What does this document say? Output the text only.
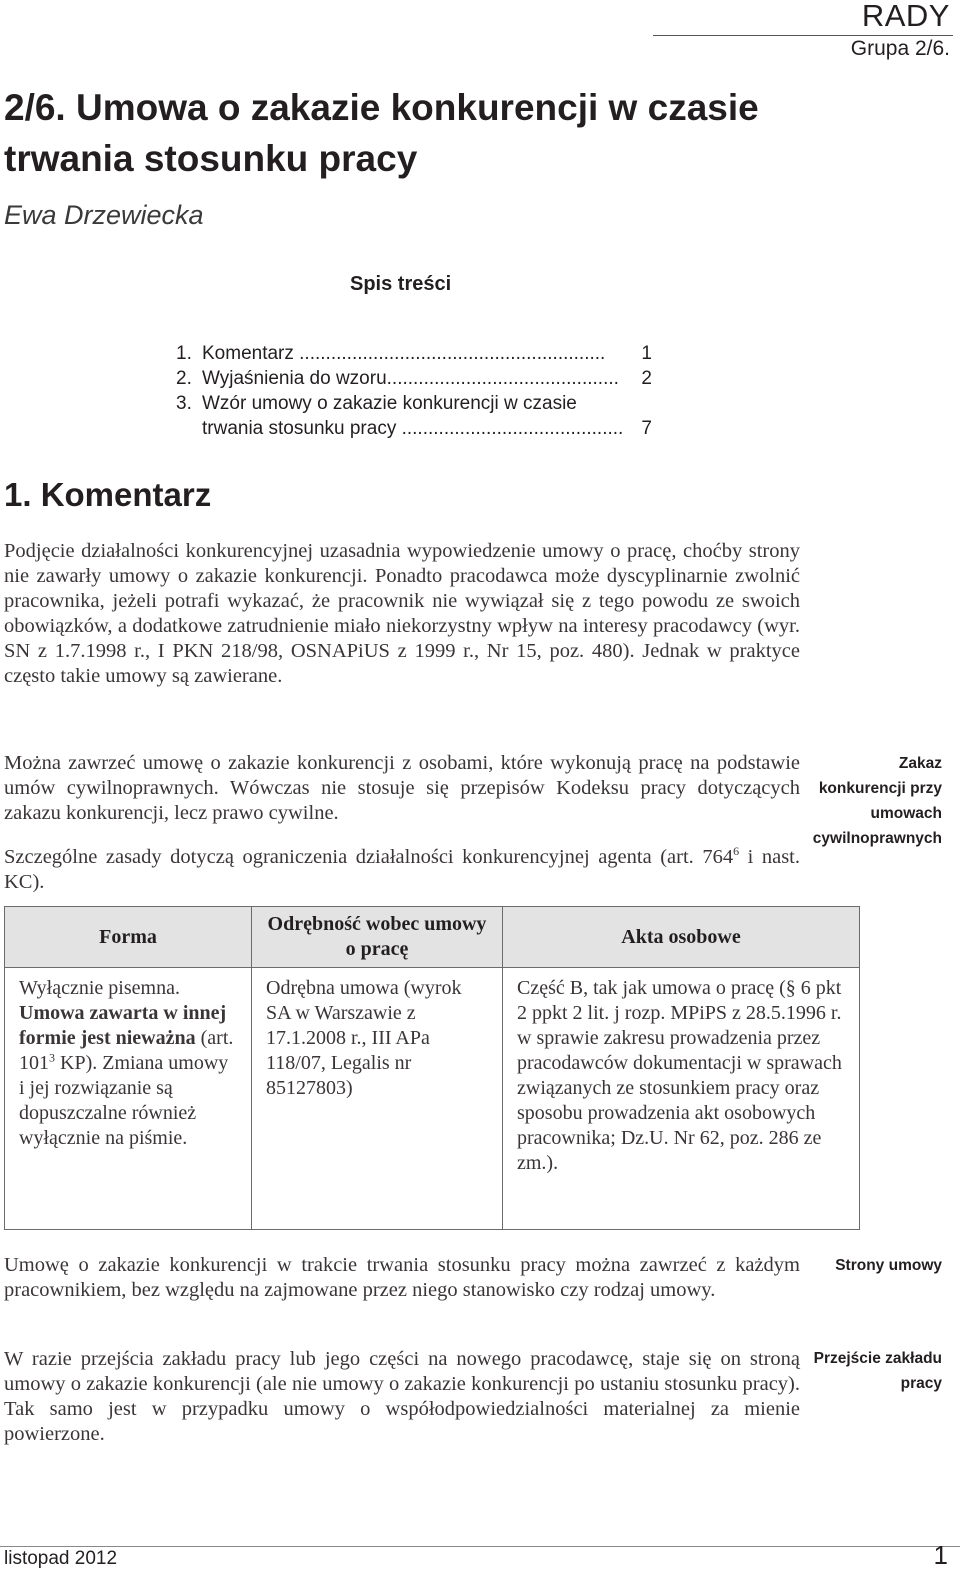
RADY
Grupa 2/6.
2/6. Umowa o zakazie konkurencji w czasie
trwania stosunku pracy
Ewa Drzewiecka
Spis treści
1. Komentarz ..........................................................	1
2. Wyjaśnienia do wzoru............................................	2
3. Wzór umowy o zakazie konkurencji w czasie
trwania stosunku pracy .......................................... 7
1. Komentarz

Podjęcie działalności konkurencyjnej uzasadnia wypowiedzenie umowy o pracę, choćby strony nie zawarły umowy o zakazie konkurencji. Ponadto pracodawca może dyscyplinarnie zwolnić pracownika, jeżeli potrafi wykazać, że pracownik nie wywiązał się z tego powodu ze swoich obowiązków, a dodatkowe zatrudnienie miało niekorzystny wpływ na interesy pracodawcy (wyr. SN z 1.7.1998 r., I PKN 218/98, OSNAPiUS z 1999 r., Nr 15, poz. 480). Jednak w praktyce często takie umowy są zawierane.

Można zawrzeć umowę o zakazie konkurencji z osobami, które wykonują pracę na podstawie umów cywilnoprawnych. Wówczas nie stosuje się przepisów Kodeksu pracy dotyczących zakazu konkurencji, lecz prawo cywilne.

Szczególne zasady dotyczą ograniczenia działalności konkurencyjnej agenta (art. $764^6$ i nast. KC).

Forma	Odrębność wobec umowy o pracę	Akta osobowe
Wyłącznie pisemna. Umowa zawarta w innej formie jest nieważna (art. $101^3$ KP). Zmiana umowy i jej rozwiązanie są dopuszczalne również wyłącznie na piśmie.	Odrębna umowa (wyrok SA w Warszawie z 17.1.2008 r., III APa 118/07, Legalis nr 85127803)	Część B, tak jak umowa o pracę (§ 6 pkt 2 ppkt 2 lit. j rozp. MPiPS z 28.5.1996 r. w sprawie zakresu prowadzenia przez pracodawców dokumentacji w sprawach związanych ze stosunkiem pracy oraz sposobu prowadzenia akt osobowych pracownika; Dz.U. Nr 62, poz. 286 ze zm.).

Umowę o zakazie konkurencji w trakcie trwania stosunku pracy można zawrzeć z każdym pracownikiem, bez względu na zajmowane przez niego stanowisko czy rodzaj umowy.

W razie przejścia zakładu pracy lub jego części na nowego pracodawcę, staje się on stroną umowy o zakazie konkurencji (ale nie umowy o zakazie konkurencji po ustaniu stosunku pracy). Tak samo jest w przypadku umowy o współodpowiedzialności materialnej za mienie powierzone.

Zakaz konkurencji przy umowach cywilnoprawnych
Strony umowy
Przejście zakładu pracy
listopad 2012	1
